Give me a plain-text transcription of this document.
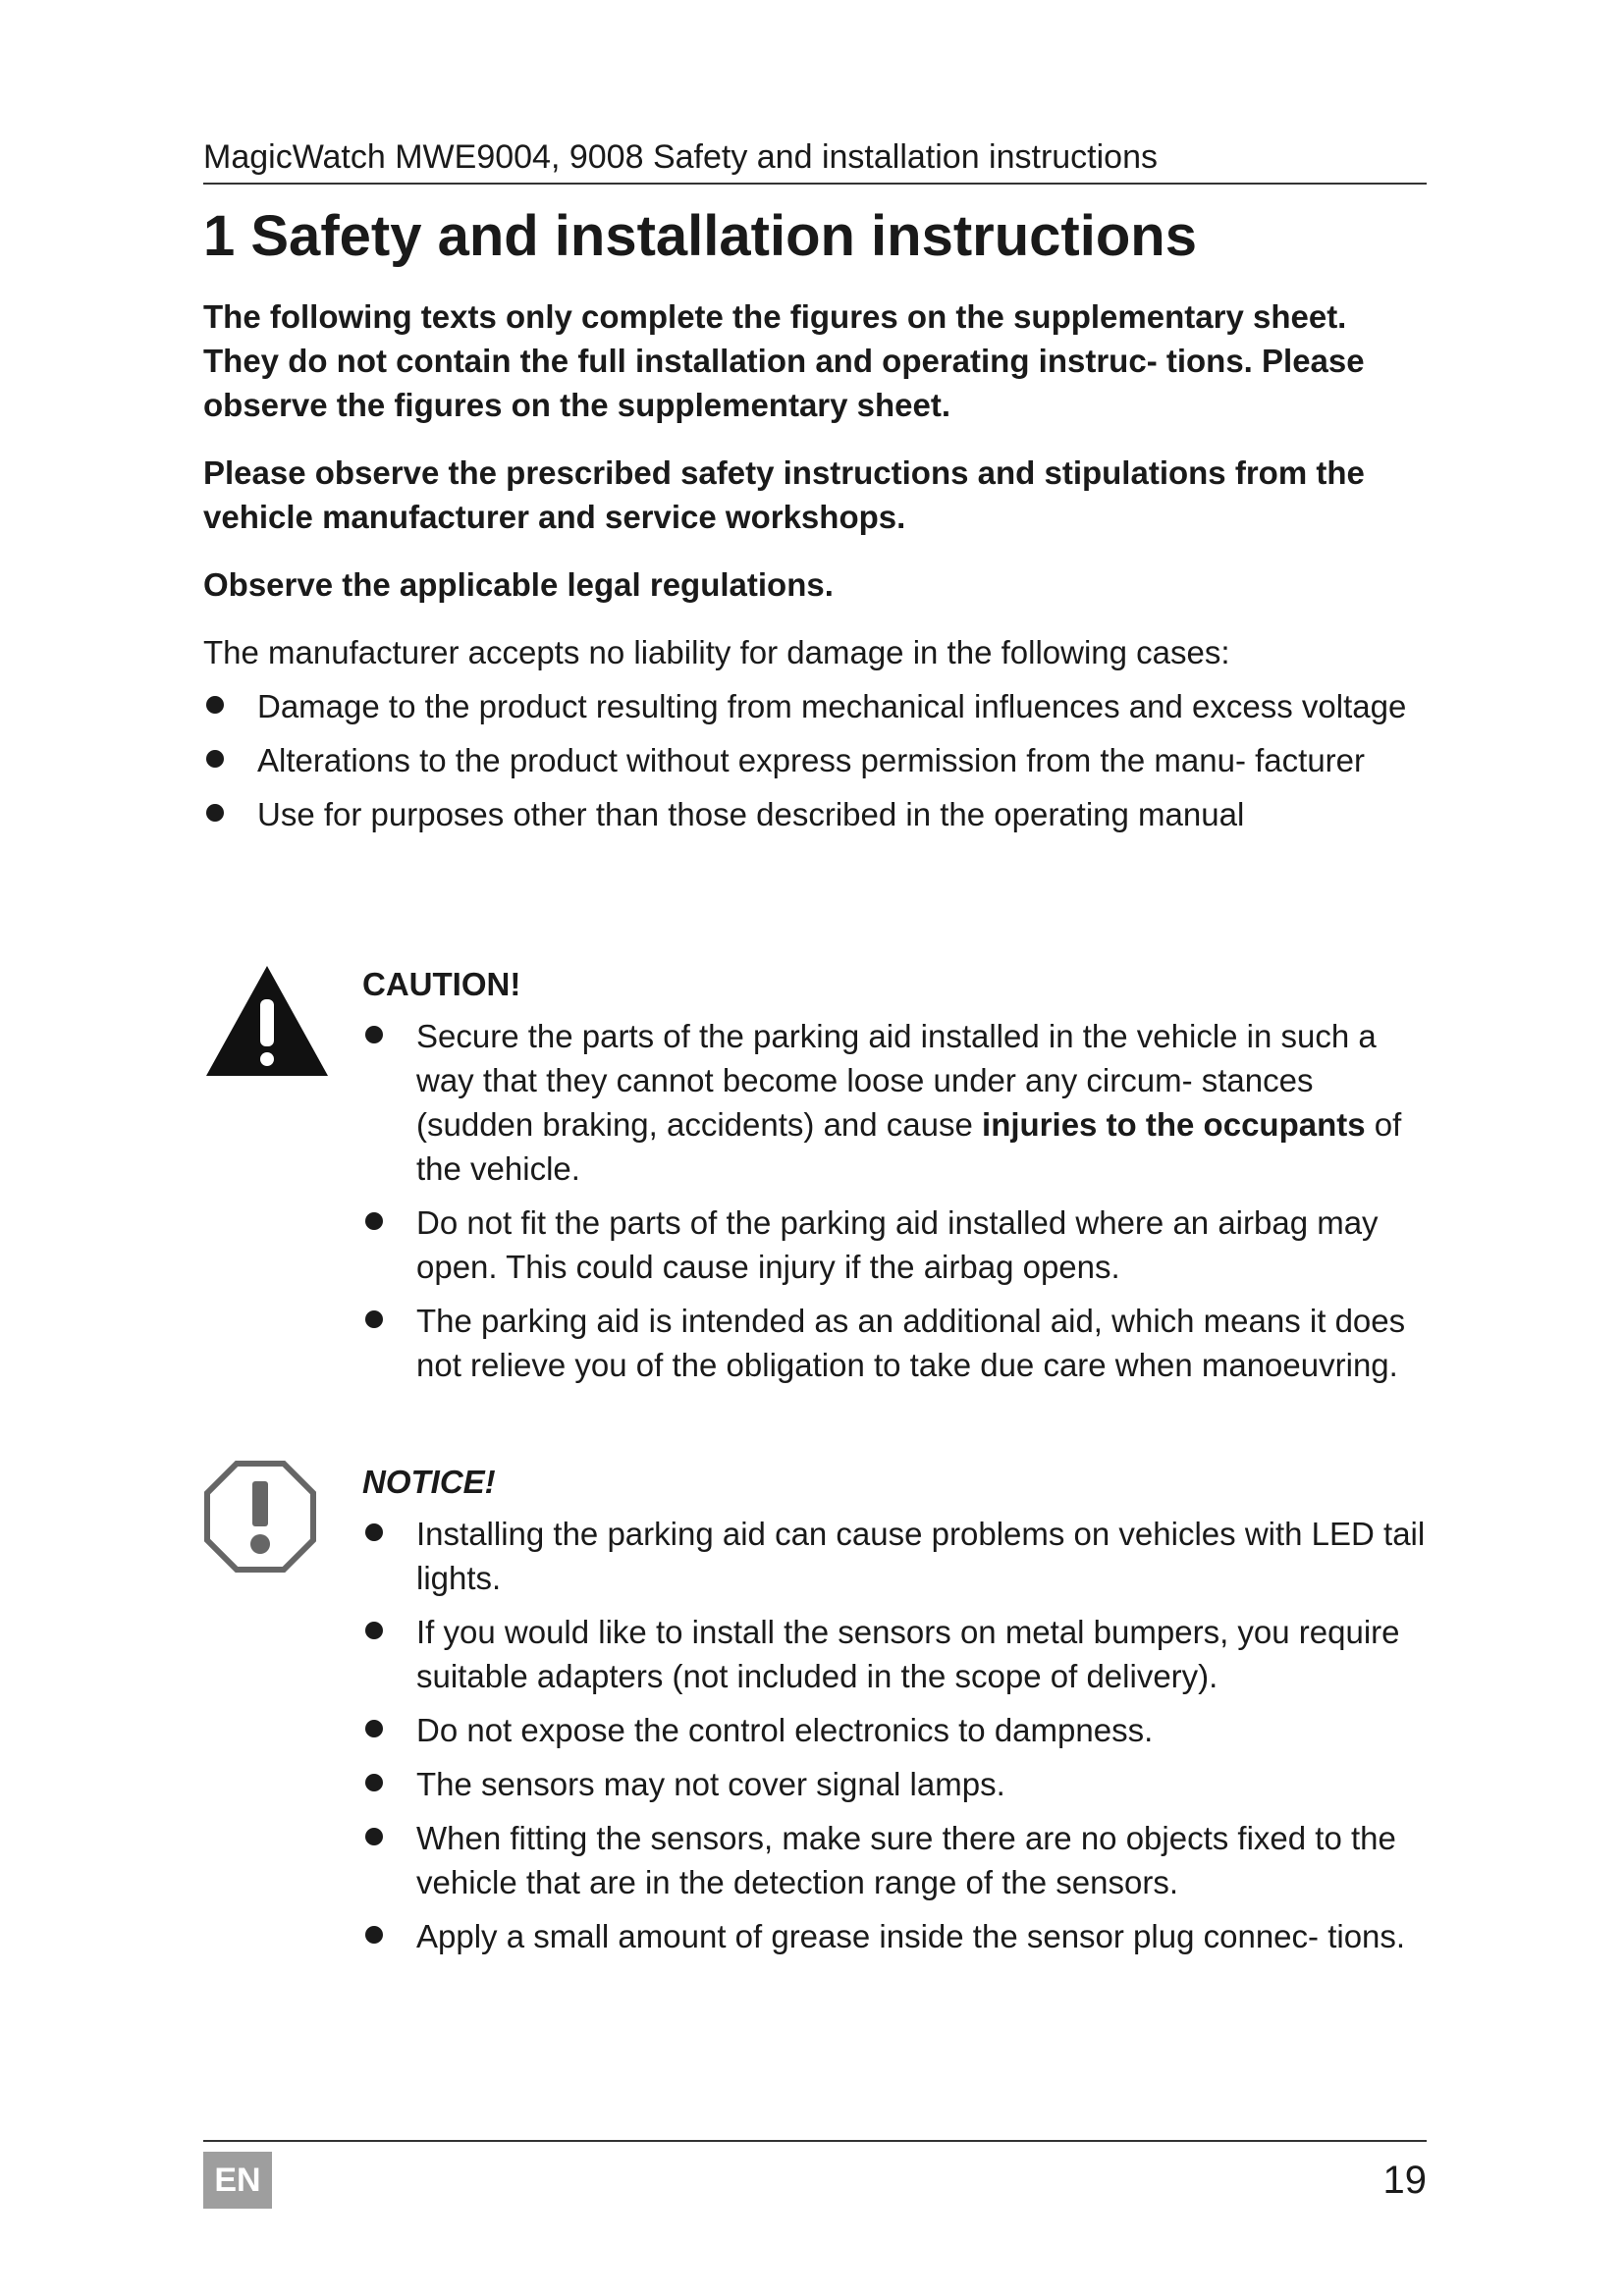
MagicWatch MWE9004, 9008 Safety and installation instructions
1 Safety and installation instructions

The following texts only complete the figures on the supplementary sheet. They do not contain the full installation and operating instruc- tions. Please observe the figures on the supplementary sheet.

Please observe the prescribed safety instructions and stipulations from the vehicle manufacturer and service workshops.

Observe the applicable legal regulations.

The manufacturer accepts no liability for damage in the following cases:

Damage to the product resulting from mechanical influences and excess voltage
Alterations to the product without express permission from the manu- facturer
Use for purposes other than those described in the operating manual

CAUTION!

Secure the parts of the parking aid installed in the vehicle in such a way that they cannot become loose under any circum- stances (sudden braking, accidents) and cause injuries to the occupants of the vehicle.
Do not fit the parts of the parking aid installed where an airbag may open. This could cause injury if the airbag opens.
The parking aid is intended as an additional aid, which means it does not relieve you of the obligation to take due care when manoeuvring.

NOTICE!

Installing the parking aid can cause problems on vehicles with LED tail lights.
If you would like to install the sensors on metal bumpers, you require suitable adapters (not included in the scope of delivery).
Do not expose the control electronics to dampness.
The sensors may not cover signal lamps.
When fitting the sensors, make sure there are no objects fixed to the vehicle that are in the detection range of the sensors.
Apply a small amount of grease inside the sensor plug connec- tions.
EN	19
